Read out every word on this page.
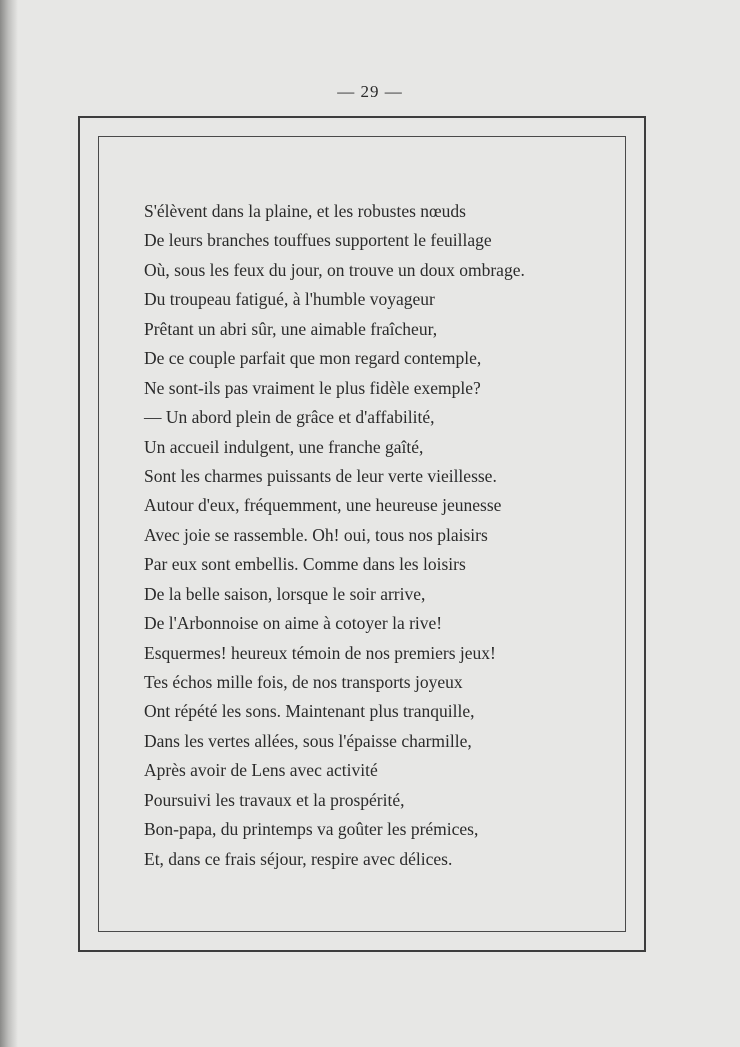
— 29 —
S'élèvent dans la plaine, et les robustes nœuds
De leurs branches touffues supportent le feuillage
Où, sous les feux du jour, on trouve un doux ombrage.
Du troupeau fatigué, à l'humble voyageur
Prêtant un abri sûr, une aimable fraîcheur,
De ce couple parfait que mon regard contemple,
Ne sont-ils pas vraiment le plus fidèle exemple?
— Un abord plein de grâce et d'affabilité,
Un accueil indulgent, une franche gaîté,
Sont les charmes puissants de leur verte vieillesse.
Autour d'eux, fréquemment, une heureuse jeunesse
Avec joie se rassemble. Oh! oui, tous nos plaisirs
Par eux sont embellis. Comme dans les loisirs
De la belle saison, lorsque le soir arrive,
De l'Arbonnoise on aime à cotoyer la rive!
Esquermes! heureux témoin de nos premiers jeux!
Tes échos mille fois, de nos transports joyeux
Ont répété les sons. Maintenant plus tranquille,
Dans les vertes allées, sous l'épaisse charmille,
Après avoir de Lens avec activité
Poursuivi les travaux et la prospérité,
Bon-papa, du printemps va goûter les prémices,
Et, dans ce frais séjour, respire avec délices.
